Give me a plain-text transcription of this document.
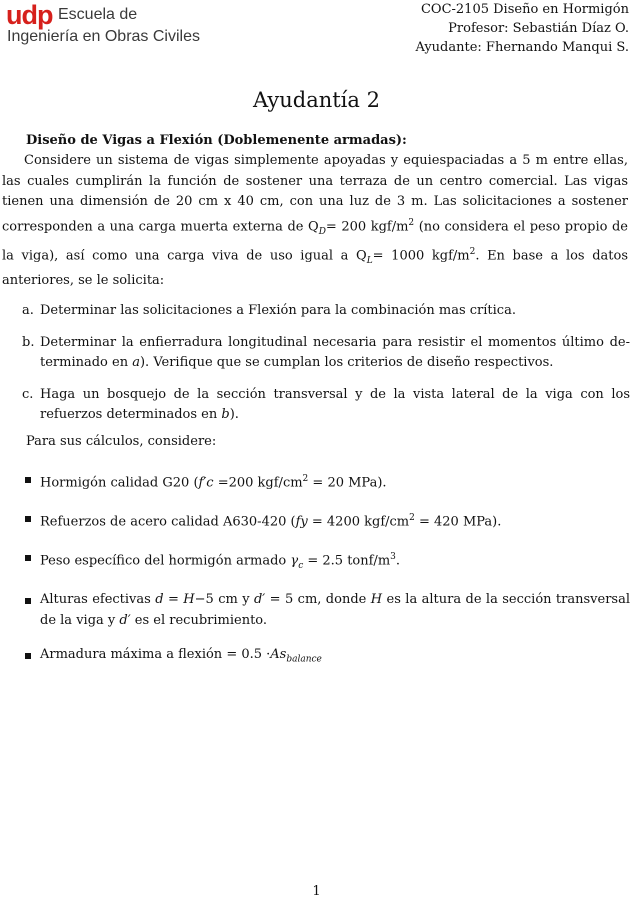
udp Escuela de
Ingeniería en Obras Civiles
COC-2105 Diseño en Hormigón
Profesor: Sebastián Díaz O.
Ayudante: Fhernando Manqui S.
Ayudantía 2
Diseño de Vigas a Flexión (Doblemenente armadas):

Considere un sistema de vigas simplemente apoyadas y equiespaciadas a 5 m entre ellas, las cuales cumplirán la función de sostener una terraza de un centro comercial. Las vigas tienen una dimensión de 20 cm x 40 cm, con una luz de 3 m. Las solicitaciones a sostener corresponden a una carga muerta externa de $Q_D= 200$ kgf/$m^2$ (no considera el peso propio de la viga), así como una carga viva de uso igual a $Q_L= 1000$ kgf/$m^2$. En base a los datos anteriores, se le solicita:

a. Determinar las solicitaciones a Flexión para la combinación mas crítica.
b. Determinar la enfierradura longitudinal necesaria para resistir el momentos último de-terminado en a). Verifique que se cumplan los criterios de diseño respectivos.
c. Haga un bosquejo de la sección transversal y de la vista lateral de la viga con los refuerzos determinados en b).
Para sus cálculos, considere:
Hormigón calidad G20 (f′c =200 kgf/$cm^2 = 20$ MPa).
Refuerzos de acero calidad A630-420 (fy = 4200 kgf/$cm^2 = 420$ MPa).
Peso específico del hormigón armado $\gamma_c = 2.5$ tonf/$m^3$.
Alturas efectivas d = H−5 cm y d′ = 5 cm, donde H es la altura de la sección transversal de la viga y d′ es el recubrimiento.
Armadura máxima a flexión = $0.5 \cdot As_{balance}$
1
